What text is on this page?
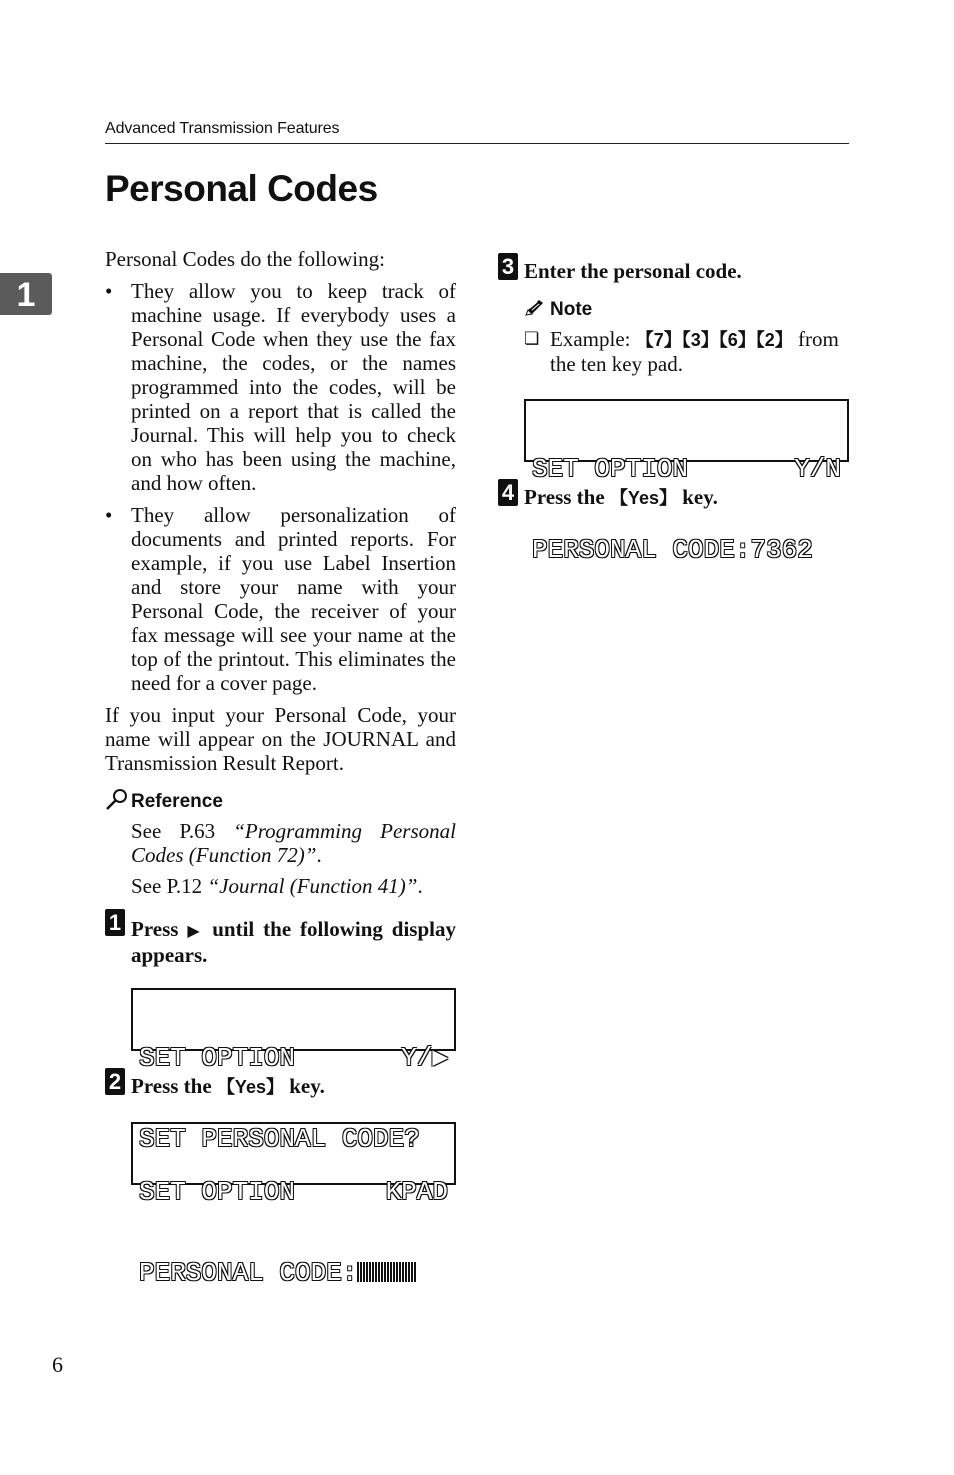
Advanced Transmission Features
1
Personal Codes
Personal Codes do the following:
• They allow you to keep track of machine usage. If everybody uses a Personal Code when they use the fax machine, the codes, or the names programmed into the codes, will be printed on a report that is called the Journal. This will help you to check on who has been using the machine, and how often.
• They allow personalization of documents and printed reports. For example, if you use Label Insertion and store your name with your Personal Code, the receiver of your fax message will see your name at the top of the printout. This eliminates the need for a cover page.
If you input your Personal Code, your name will appear on the JOURNAL and Transmission Result Report.
Reference
See P.63 “Programming Personal Codes (Function 72)”.
See P.12 “Journal (Function 41)”.
1 Press ▶ until the following display appears.

SET OPTION	Y/▶

SET PERSONAL CODE?

2 Press the 【Yes】 key.

SET OPTION	KPAD

PERSONAL CODE:

3 Enter the personal code.
Note
❏ Example: 【7】【3】【6】【2】 from the ten key pad.

SET OPTION	Y/N

PERSONAL CODE:7362

4 Press the 【Yes】 key.
6
